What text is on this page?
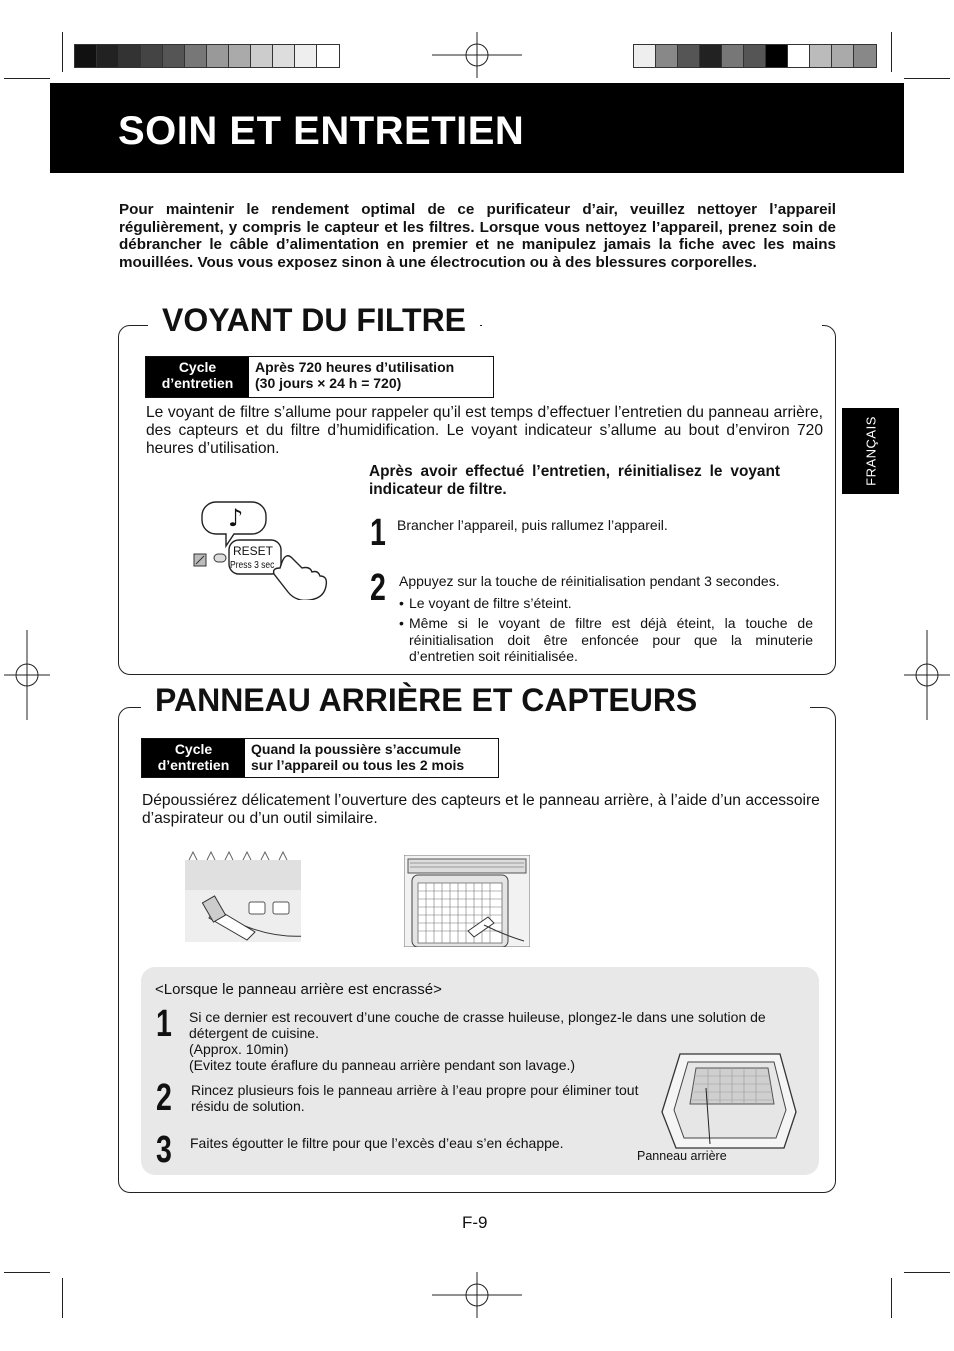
SOIN ET ENTRETIEN
FRANÇAIS
Pour maintenir le rendement optimal de ce purificateur d’air, veuillez nettoyer l’appareil régulièrement, y compris le capteur et les filtres. Lorsque vous nettoyez l’appareil, prenez soin de débrancher le câble d’alimentation en premier et ne manipulez jamais la fiche avec les mains mouillées. Vous vous exposez sinon à une électrocution ou à des blessures corporelles.
VOYANT DU FILTRE
Cycle
d’entretien
Après 720 heures d’utilisation
(30 jours × 24 h = 720)
Le voyant de filtre s’allume pour rappeler qu’il est temps d’effectuer l’entretien du panneau arrière, des capteurs et du filtre d’humidification. Le voyant indicateur s’allume au bout d’environ 720 heures d’utilisation.
Après avoir effectué l’entretien, réinitialisez le voyant indicateur de filtre.
♪
RESET
Press 3 sec
1 Brancher l’appareil, puis rallumez l’appareil.
2 Appuyez sur la touche de réinitialisation pendant 3 secondes.
• Le voyant de filtre s’éteint.
• Même si le voyant de filtre est déjà éteint, la touche de réinitialisation doit être enfoncée pour que la minuterie d’entretien soit réinitialisée.
PANNEAU ARRIÈRE ET CAPTEURS
Cycle
d’entretien
Quand la poussière s’accumule
sur l’appareil ou tous les 2 mois
Dépoussiérez délicatement l’ouverture des capteurs et le panneau arrière, à l’aide d’un accessoire d’aspirateur ou d’un outil similaire.
<Lorsque le panneau arrière est encrassé>
1 Si ce dernier est recouvert d’une couche de crasse huileuse, plongez-le dans une solution de détergent de cuisine.
(Approx. 10min)
(Evitez toute éraflure du panneau arrière pendant son lavage.)
2 Rincez plusieurs fois le panneau arrière à l’eau propre pour éliminer tout résidu de solution.
3 Faites égoutter le filtre pour que l’excès d’eau s’en échappe.
Panneau arrière
F-9
